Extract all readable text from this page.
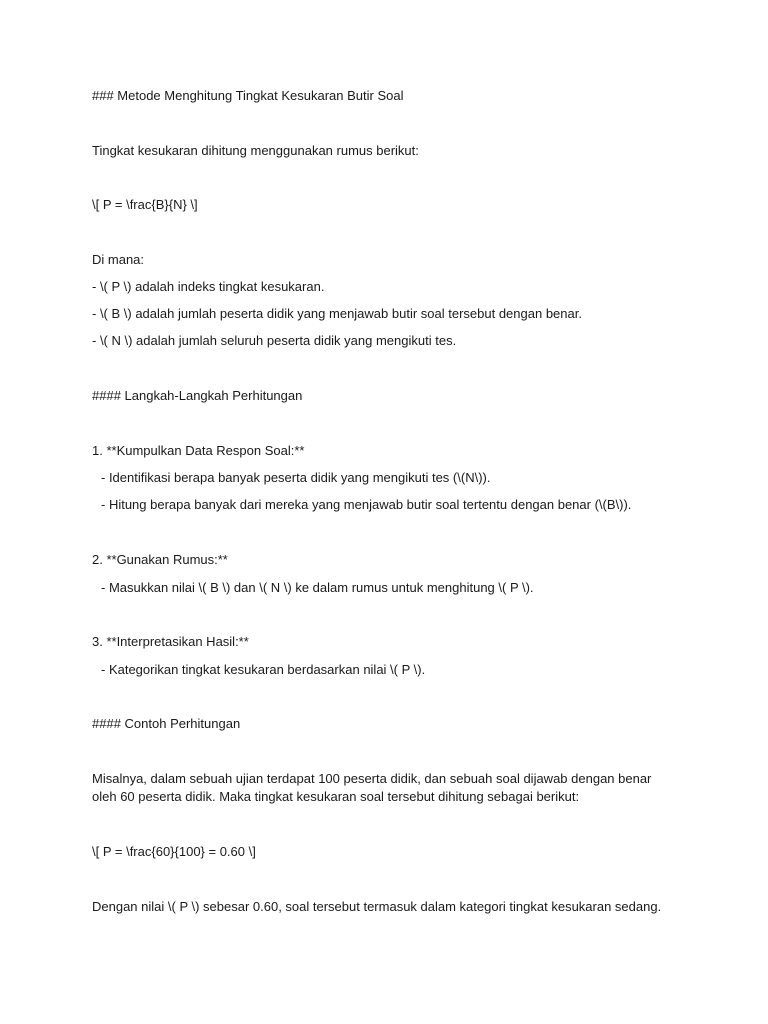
### Metode Menghitung Tingkat Kesukaran Butir Soal
Tingkat kesukaran dihitung menggunakan rumus berikut:
\[ P = \frac{B}{N} \]
Di mana:
- \( P \) adalah indeks tingkat kesukaran.
- \( B \) adalah jumlah peserta didik yang menjawab butir soal tersebut dengan benar.
- \( N \) adalah jumlah seluruh peserta didik yang mengikuti tes.
#### Langkah-Langkah Perhitungan
1. **Kumpulkan Data Respon Soal:**
- Identifikasi berapa banyak peserta didik yang mengikuti tes (\(N\)).
- Hitung berapa banyak dari mereka yang menjawab butir soal tertentu dengan benar (\(B\)).
2. **Gunakan Rumus:**
- Masukkan nilai \( B \) dan \( N \) ke dalam rumus untuk menghitung \( P \).
3. **Interpretasikan Hasil:**
- Kategorikan tingkat kesukaran berdasarkan nilai \( P \).
#### Contoh Perhitungan
Misalnya, dalam sebuah ujian terdapat 100 peserta didik, dan sebuah soal dijawab dengan benar oleh 60 peserta didik. Maka tingkat kesukaran soal tersebut dihitung sebagai berikut:
\[ P = \frac{60}{100} = 0.60 \]
Dengan nilai \( P \) sebesar 0.60, soal tersebut termasuk dalam kategori tingkat kesukaran sedang.
